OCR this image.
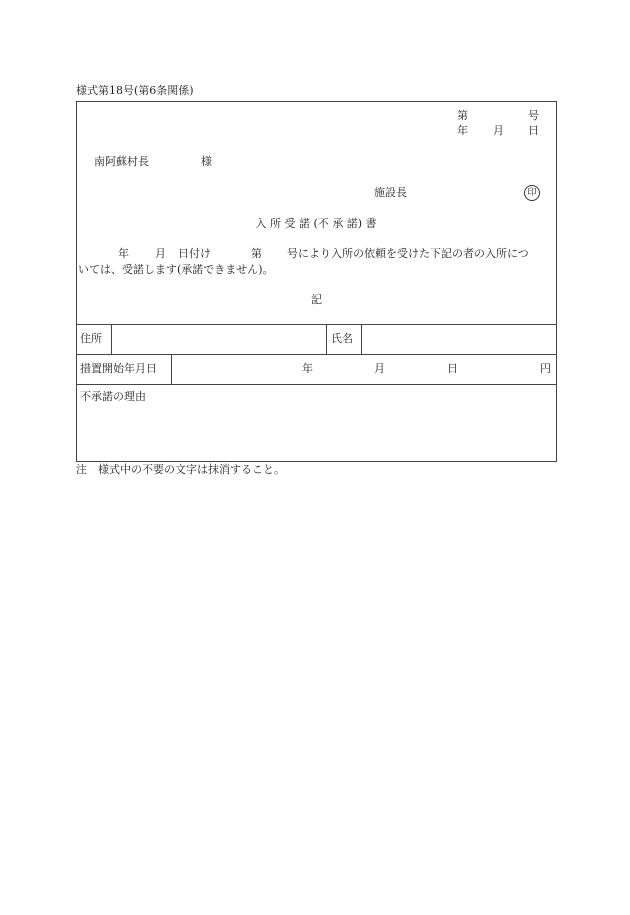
様式第18号(第6条関係)
第	号
年 月 日
南阿蘇村長	様
施設長	印
入 所 受 諾 (不 承 諾) 書
年 月 日付け	第 号により入所の依頼を受けた下記の者の入所につ
いては、受諾します(承諾できません)。
記
住所	氏名
措置開始年月日	年	月	日	円
不承諾の理由
注　様式中の不要の文字は抹消すること。
